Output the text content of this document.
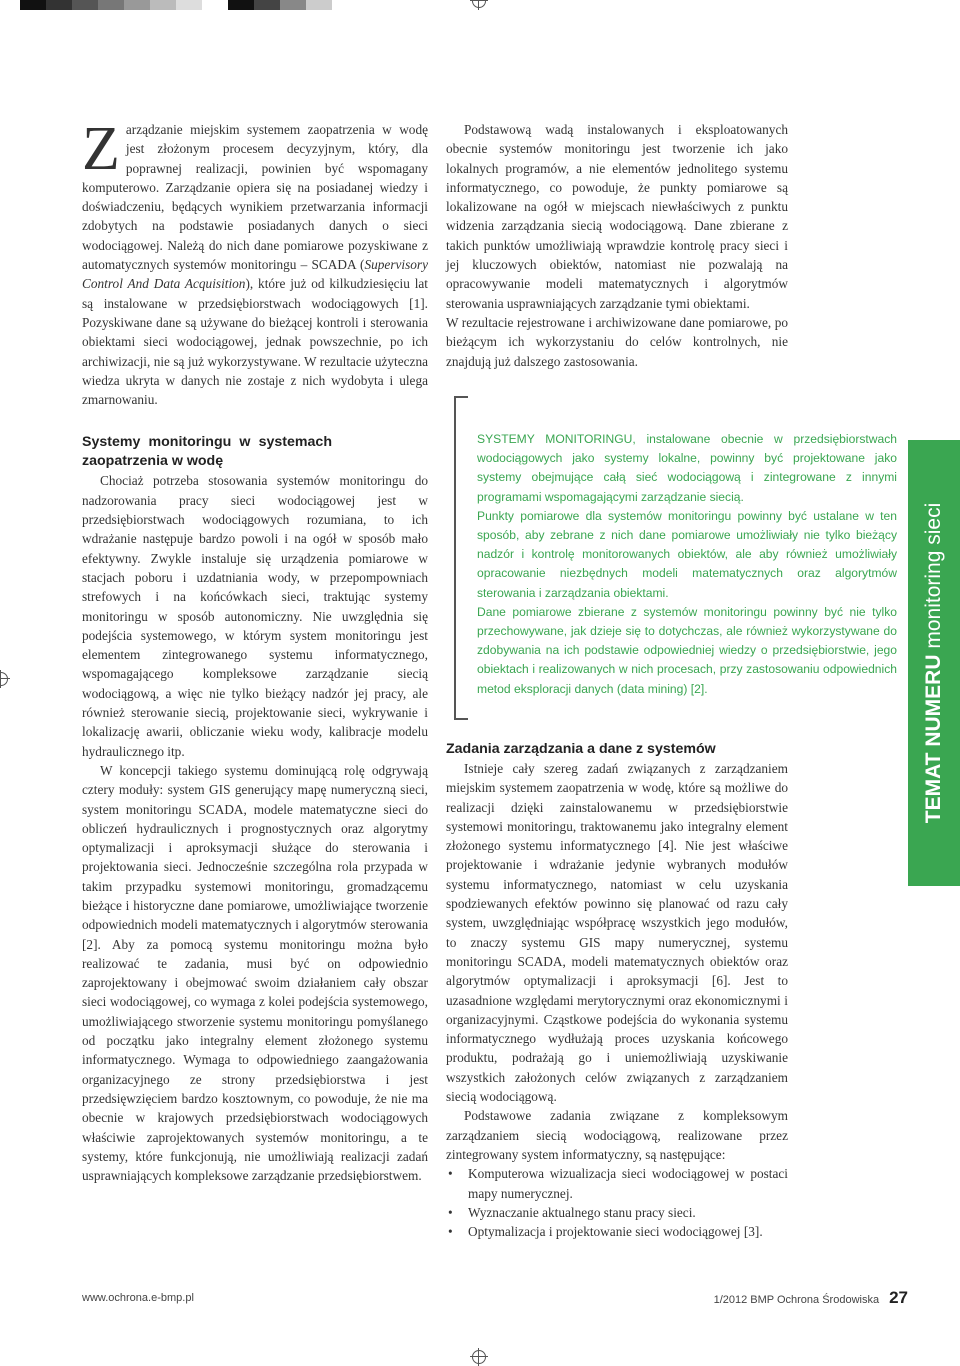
Zarządzanie miejskim systemem zaopatrzenia w wodę jest złożonym procesem decyzyjnym, który, dla poprawnej realizacji, powinien być wspomagany komputerowo. Zarządzanie opiera się na posiadanej wiedzy i doświadczeniu, będących wynikiem przetwarzania informacji zdobytych na podstawie posiadanych danych o sieci wodociągowej. Należą do nich dane pomiarowe pozyskiwane z automatycznych systemów monitoringu – SCADA (Supervisory Control And Data Acquisition), które już od kilkudziesięciu lat są instalowane w przedsiębiorstwach wodociągowych [1]. Pozyskiwane dane są używane do bieżącej kontroli i sterowania obiektami sieci wodociągowej, jednak powszechnie, po ich archiwizacji, nie są już wykorzystywane. W rezultacie użyteczna wiedza ukryta w danych nie zostaje z nich wydobyta i ulega zmarnowaniu.

Systemy monitoringu w systemach zaopatrzenia w wodę

Chociaż potrzeba stosowania systemów monitoringu do nadzorowania pracy sieci wodociągowej jest w przedsiębiorstwach wodociągowych rozumiana, to ich wdrażanie następuje bardzo powoli i na ogół w sposób mało efektywny. Zwykle instaluje się urządzenia pomiarowe w stacjach poboru i uzdatniania wody, w przepompowniach strefowych i na końcówkach sieci, traktując systemy monitoringu w sposób autonomiczny. Nie uwzględnia się podejścia systemowego, w którym system monitoringu jest elementem zintegrowanego systemu informatycznego, wspomagającego kompleksowe zarządzanie siecią wodociągową, a więc nie tylko bieżący nadzór jej pracy, ale również sterowanie siecią, projektowanie sieci, wykrywanie i lokalizację awarii, obliczanie wieku wody, kalibracje modelu hydraulicznego itp.

W koncepcji takiego systemu dominującą rolę odgrywają cztery moduły: system GIS generujący mapę numeryczną sieci, system monitoringu SCADA, modele matematyczne sieci do obliczeń hydraulicznych i prognostycznych oraz algorytmy optymalizacji i aproksymacji służące do sterowania i projektowania sieci. Jednocześnie szczególna rola przypada w takim przypadku systemowi monitoringu, gromadzącemu bieżące i historyczne dane pomiarowe, umożliwiające tworzenie odpowiednich modeli matematycznych i algorytmów sterowania [2]. Aby za pomocą systemu monitoringu można było realizować te zadania, musi być on odpowiednio zaprojektowany i obejmować swoim działaniem cały obszar sieci wodociągowej, co wymaga z kolei podejścia systemowego, umożliwiającego stworzenie systemu monitoringu pomyślanego od początku jako integralny element złożonego systemu informatycznego. Wymaga to odpowiedniego zaangażowania organizacyjnego ze strony przedsiębiorstwa i jest przedsięwzięciem bardzo kosztownym, co powoduje, że nie ma obecnie w krajowych przedsiębiorstwach wodociągowych właściwie zaprojektowanych systemów monitoringu, a te systemy, które funkcjonują, nie umożliwiają realizacji zadań usprawniających kompleksowe zarządzanie przedsiębiorstwem.

Podstawową wadą instalowanych i eksploatowanych obecnie systemów monitoringu jest tworzenie ich jako lokalnych programów, a nie elementów jednolitego systemu informatycznego, co powoduje, że punkty pomiarowe są lokalizowane na ogół w miejscach niewłaściwych z punktu widzenia zarządzania siecią wodociągową. Dane zbierane z takich punktów umożliwiają wprawdzie kontrolę pracy sieci i jej kluczowych obiektów, natomiast nie pozwalają na opracowywanie modeli matematycznych i algorytmów sterowania usprawniających zarządzanie tymi obiektami.

W rezultacie rejestrowane i archiwizowane dane pomiarowe, po bieżącym ich wykorzystaniu do celów kontrolnych, nie znajdują już dalszego zastosowania.

SYSTEMY MONITORINGU, instalowane obecnie w przedsiębiorstwach wodociągowych jako systemy lokalne, powinny być projektowane jako systemy obejmujące całą sieć wodociągową i zintegrowane z innymi programami wspomagającymi zarządzanie siecią.

Punkty pomiarowe dla systemów monitoringu powinny być ustalane w ten sposób, aby zebrane z nich dane pomiarowe umożliwiały nie tylko bieżący nadzór i kontrolę monitorowanych obiektów, ale aby również umożliwiały opracowanie niezbędnych modeli matematycznych oraz algorytmów sterowania i zarządzania obiektami.

Dane pomiarowe zbierane z systemów monitoringu powinny być nie tylko przechowywane, jak dzieje się to dotychczas, ale również wykorzystywane do zdobywania na ich podstawie odpowiedniej wiedzy o przedsiębiorstwie, jego obiektach i realizowanych w nich procesach, przy zastosowaniu odpowiednich metod eksploracji danych (data mining) [2].

Zadania zarządzania a dane z systemów

Istnieje cały szereg zadań związanych z zarządzaniem miejskim systemem zaopatrzenia w wodę, które są możliwe do realizacji dzięki zainstalowanemu w przedsiębiorstwie systemowi monitoringu, traktowanemu jako integralny element złożonego systemu informatycznego [4]. Nie jest właściwe projektowanie i wdrażanie jedynie wybranych modułów systemu informatycznego, natomiast w celu uzyskania spodziewanych efektów powinno się planować od razu cały system, uwzględniając współpracę wszystkich jego modułów, to znaczy systemu GIS mapy numerycznej, systemu monitoringu SCADA, modeli matematycznych obiektów oraz algorytmów optymalizacji i aproksymacji [6]. Jest to uzasadnione względami merytorycznymi oraz ekonomicznymi i organizacyjnymi. Cząstkowe podejścia do wykonania systemu informatycznego wydłużają proces uzyskania końcowego produktu, podrażają go i uniemożliwiają uzyskiwanie wszystkich założonych celów związanych z zarządzaniem siecią wodociągową.

Podstawowe zadania związane z kompleksowym zarządzaniem siecią wodociągową, realizowane przez zintegrowany system informatyczny, są następujące:

• Komputerowa wizualizacja sieci wodociągowej w postaci mapy numerycznej.
• Wyznaczanie aktualnego stanu pracy sieci.
• Optymalizacja i projektowanie sieci wodociągowej [3].
TEMAT NUMERU monitoring sieci
www.ochrona.e-bmp.pl	1/2012 BMP Ochrona Środowiska 27
